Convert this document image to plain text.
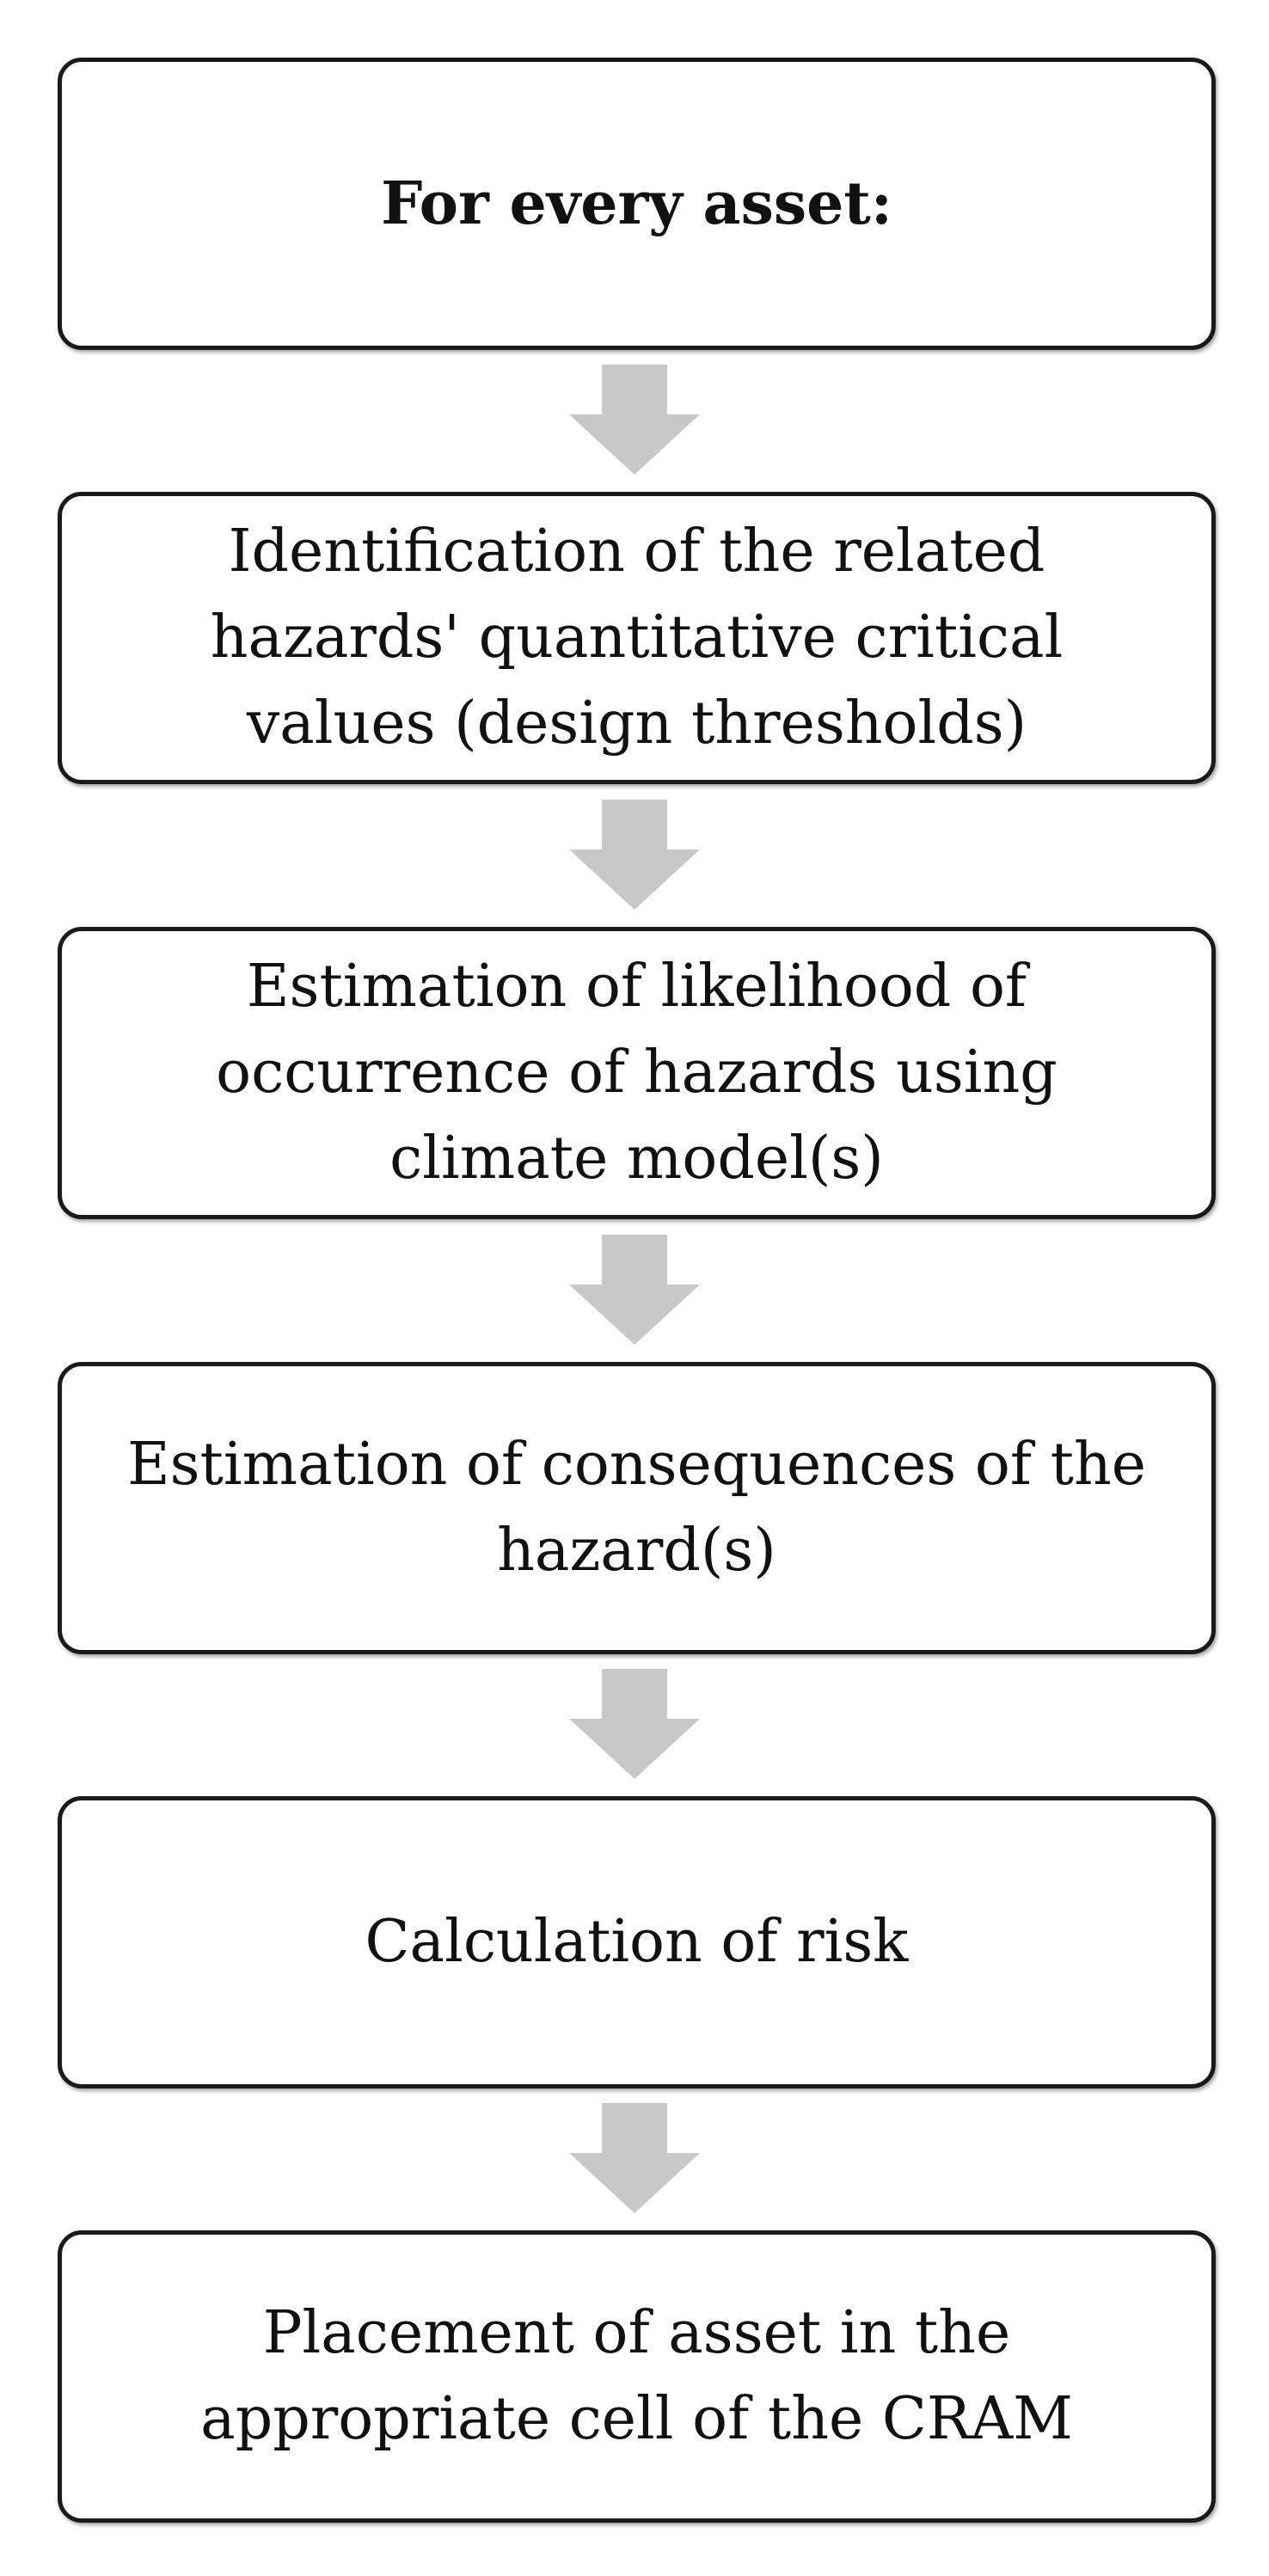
For every asset:
Identification of the related
hazards' quantitative critical
values (design thresholds)
Estimation of likelihood of
occurrence of hazards using
climate model(s)
Estimation of consequences of the
hazard(s)
Calculation of risk
Placement of asset in the
appropriate cell of the CRAM
